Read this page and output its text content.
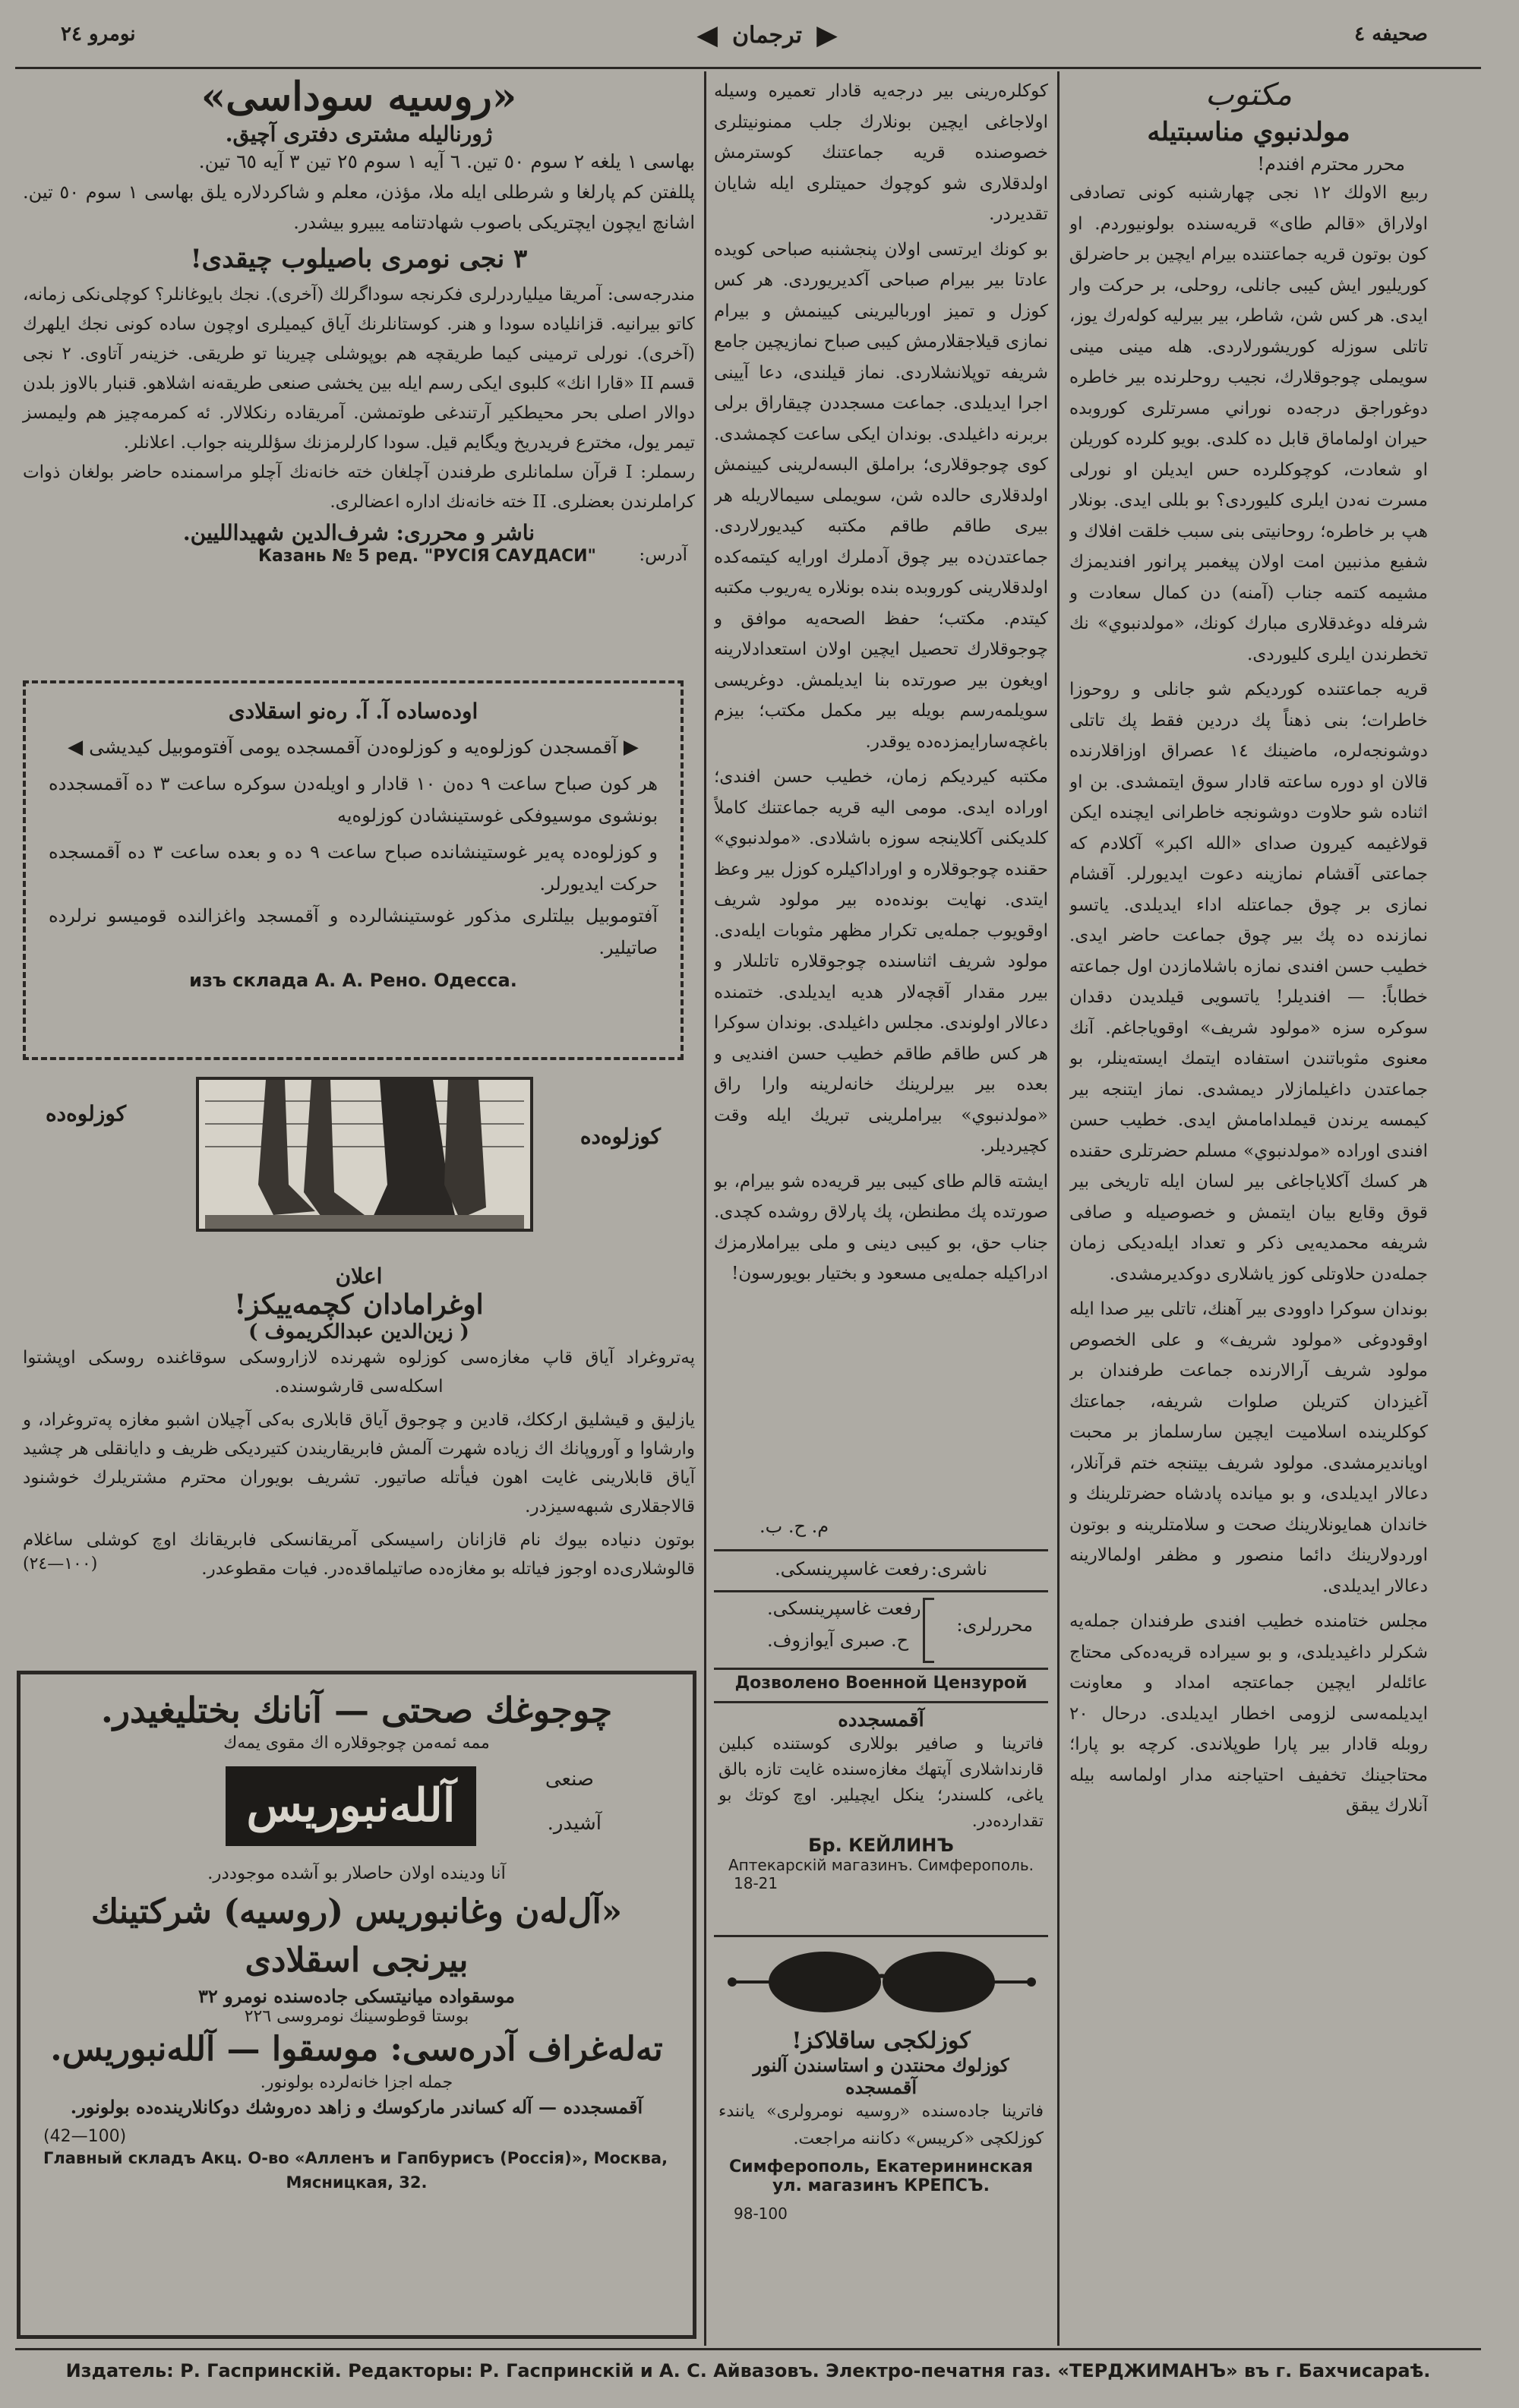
صحيفه ٤
◀ ترجمان ▶
نومرو ٢٤
مكتوب
مولدنبوي مناسبتيله
محرر محترم افندم!

ربيع الاولك ١٢ نجى چهارشنبه كونى تصادفى اولاراق «قالم طاى» قريه‌سنده بولونيوردم. او كون بوتون قريه جماعتنده بيرام ايچين بر حاضرلق كوريليور ايش كيبى جانلى، روحلى، بر حركت وار ايدى. هر كس شن، شاطر، بير بيرليه كوله‌رك يوز، تاتلى سوزله كوريشورلاردى. هله مينى مينى سويملى چوجوقلارك، نجيب روحلرنده بير خاطره دوغوراجق درجه‌ده نوراني مسرتلرى كوروبده حيران اولماماق قابل ده كلدى. بويو كلرده كوريلن او شعادت، كوچوكلرده حس ايديلن او نورلى مسرت نه‌دن ايلرى كليوردى؟ بو بللى ايدى. بونلار هپ بر خاطره؛ روحانيتى بنى سبب خلقت افلاك و شفيع مذنبين امت اولان پيغمبر پرانور افنديمزك مشيمه كتمه جناب (آمنه) دن كمال سعادت و شرفله دوغدقلارى مبارك كونك، «مولدنبوي» نك تخطرندن ايلرى كليوردى.

قريه جماعتنده كورديكم شو جانلى و روحوزا خاطرات؛ بنى ذهناً پك دردين فقط پك تاتلى دوشونجه‌لره، ماضينك ١٤ عصراق اوزاقلارنده قالان او دوره ساعته قادار سوق ايتمشدى. بن او اثناده شو حلاوت دوشونجه خاطرانى ايچنده ايكن قولاغيمه كيرون صداى «الله اكبر» آكلادم كه جماعتى آقشام نمازينه دعوت ايديورلر. آقشام نمازى بر چوق جماعتله اداء ايديلدى. ياتسو نمازنده ده پك بير چوق جماعت حاضر ايدى. خطيب حسن افندى نمازه باشلامازدن اول جماعته خطاباً: — افنديلر! ياتسويى قيلديدن دقدان سوكره سزه «مولود شريف» اوقوياجاغم. آنك معنوى مثوباتندن استفاده ايتمك ايسته‌ينلر، بو جماعتدن داغيلمازلار ديمشدى. نماز ايتنجه بير كيمسه يرندن قيملدامامش ايدى. خطيب حسن افندى اوراده «مولدنبوي» مسلم حضرتلرى حقنده هر كسك آكلاياجاغى بير لسان ايله تاريخى بير قوق وقايع بيان ايتمش و خصوصيله و صافى شريفه محمديه‌يى ذكر و تعداد ايله‌ديكى زمان جمله‌دن حلاوتلى كوز ياشلارى دوكديرمشدى.

بوندان سوكرا داوودى بير آهنك، تاتلى بير صدا ايله اوقودوغى «مولود شريف» و على الخصوص مولود شريف آرالارنده جماعت طرفندان بر آغيزدان كتريلن صلوات شريفه، جماعتك كوكلرينده اسلاميت ايچين سارسلماز بر محبت اويانديرمشدى. مولود شريف بيتنجه ختم قرآنلار، دعالار ايديلدى، و بو ميانده پادشاه حضرتلرينك و خاندان همايونلارينك صحت و سلامتلرينه و بوتون اوردولارينك دائما منصور و مظفر اولمالارينه دعالار ايديلدى.

مجلس ختامنده خطيب افندى طرفندان جمله‌يه شكرلر داغيديلدى، و بو سيراده قريه‌ده‌كى محتاج عائله‌لر ايچين جماعتجه امداد و معاونت ايديلمه‌سى لزومى اخطار ايديلدى. درحال ٢٠ روبله قادار بير پارا طوپلاندى. كرچه بو پارا؛ محتاجينك تخفيف احتياجنه مدار اولماسه بيله آنلارك يبقق

كوكلره‌رينى بير درجه‌يه قادار تعميره وسيله اولاجاغى ايچين بونلارك جلب ممنونيتلرى خصوصنده قريه جماعتنك كوسترمش اولدقلارى شو كوچوك حميتلرى ايله شايان تقديردر.

بو كونك ايرتسى اولان پنجشنبه صباحى كويده عادتا بير بيرام صباحى آكديريوردى. هر كس كوزل و تميز اورباليرينى كيينمش و بيرام نمازى قيلاجقلارمش كيبى صباح نمازيچين جامع شريفه توپلانشلاردى. نماز قيلندى، دعا آيينى اجرا ايديلدى. جماعت مسجددن چيقاراق برلى بربرنه داغيلدى. بوندان ايكى ساعت كچمشدى. كوى چوجوقلارى؛ براملق البسه‌لرينى كيينمش اولدقلارى حالده شن، سويملى سيمالاريله هر بيرى طاقم طاقم مكتبه كيديورلاردى. جماعتدن‌ده بير چوق آدملرك اورايه كيتمه‌كده اولدقلارينى كوروبده بنده بونلاره يه‌ريوب مكتبه كيتدم. مكتب؛ حفظ الصحه‌يه موافق و چوجوقلارك تحصيل ايچين اولان استعدادلارينه اويغون بير صورتده بنا ايديلمش. دوغريسى سويلمه‌رسم بويله بير مكمل مكتب؛ بيزم باغچه‌سارايمزده‌ده يوقدر.

مكتبه كيرديكم زمان، خطيب حسن افندى؛ اوراده ايدى. مومى اليه قريه جماعتنك كاملاً كلديكنى آكلاينجه سوزه باشلادى. «مولدنبوي» حقنده چوجوقلاره و اوراداكيلره كوزل بير وعظ ايتدى. نهايت بونده‌ده بير مولود شريف اوقويوب جمله‌يى تكرار مظهر مثوبات ايله‌دى. مولود شريف اثناسنده چوجوقلاره تاتلىلار و بيرر مقدار آقچه‌لار هديه ايديلدى. ختمنده دعالار اولوندى. مجلس داغيلدى. بوندان سوكرا هر كس طاقم طاقم خطيب حسن افنديى و بعده بير بيرلرينك خانه‌لرينه وارا راق «مولدنبوي» بيراملرينى تبريك ايله وقت كچيرديلر.

ايشته قالم طاى كيبى بير قريه‌ده شو بيرام، بو صورتده پك مطنطن، پك پارلاق روشده كچدى. جناب حق، بو كيبى دينى و ملى بيراملارمزك ادراكيله جمله‌يى مسعود و بختيار بويورسون!

م. ح. ب.
ناشرى:
رفعت غاسپرينسكى.
محررلرى:
رفعت غاسپرينسكى.
ح. صبرى آيوازوف.
Дозволено Военной Цензурой
آقمسجدده
فاترينا و صافير بوللارى كوستنده كبلين قارنداشلارى آپتهك مغازه‌سنده غايت تازه بالق ياغى، كلسندر؛ ينكل ايچيلير. اوچ كوتك بو تقدارده‌در.
Бр. КЕЙЛИНЪ
Аптекарскій магазинъ. Симферополь.
18-21
كوزلكجى ساقلاكز!
كوزلوك محنتدن و استاسندن آلنور
آقمسجده
فاترينا جاده‌سنده «روسيه نومرولرى» يانندء كوزلكچى «كريبس» دكاننه مراجعت.
Симферополь, Екатерининская ул. магазинъ КРЕПСЪ.
98-100
«روسيه سوداسى»
ژورناليله مشترى دفترى آچيق.
بهاسى ١ يلغه ٢ سوم ٥٠ تين. ٦ آيه ١ سوم ٢٥ تين ٣ آيه ٦٥ تين.
پللفتن كم پارلغا و شرطلى ايله ملا، مؤذن، معلم و شاكردلاره يلق بهاسى ١ سوم ٥٠ تين. اشانچ ايچون ايچتريكى باصوب شهادتنامه يبيرو بيشدر.
٣ نجى نومرى باصيلوب چيقدى!
مندرجه‌سى: آمريقا ميلياردرلرى فكرنجه سوداگرلك (آخرى). نجك بايوغانلر؟ كوچلى‌نكى زمانه، كاتو بيرانيه. قزانلياده سودا و هنر. كوستانلرنك آياق كيميلرى اوچون ساده كونى نجك ايلهرك (آخرى). نورلى ترمينى كيما طريقچه هم بوپوشلى چيرينا تو طريقى. خزينه‌ر آتاوى. ٢ نجى قسم II «قارا انك» كلبوى ايكى رسم ايله بين يخشى صنعى طريقه‌نه اشلاهو. قنبار بالاوز بلدن دوالار اصلى بحر محيطكير آرتندغى طوتمشن. آمريقاده رنكلالار. ئه كمرمه‌چيز هم وليمسز تيمر يول، مخترع فريدريخ ويگايم قيل. سودا كارلرمزنك سؤللرينه جواب. اعلانلر.
رسملر: I قرآن سلمانلرى طرفندن آچلغان خته خانه‌نك آچلو مراسمنده حاضر بولغان ذوات كراملرندن بعضلرى. II خته خانه‌نك اداره اعضالرى.
ناشر و محررى: شرف‌الدين شهيدالليين.
آدرس:
Казань № 5 ред. "РУСІЯ САУДАСИ"
اوده‌ساده آ. آ. رەنو اسقلادى
▶ آقمسجدن كوزلوه‌يه و كوزلوه‌دن آقمسجده يومى آفتوموبيل كيديشى ◀
هر كون صباح ساعت ٩ دەن ١٠ قادار و اويله‌دن سوكره ساعت ٣ ده آقمسجدده بونشوى موسيوفكى غوستينشادن كوزلوه‌يه
و كوزلوه‌ده پەير غوستينشانده صباح ساعت ٩ ده و بعده ساعت ٣ ده آقمسجده حركت ايديورلر.
آفتوموبيل بيلتلرى مذكور غوستينشالرده و آقمسجد واغزالنده قوميسو نرلرده صاتيلير.
изъ склада А. А. Рено. Одесса.
كوزلوه‌ده
كوزلوه‌ده
اعلان
اوغرامادان كچمه‌ييكز!
( زين‌الدين عبدالكريموف )
پەتروغراد آياق قاپ مغازه‌سى كوزلوه شهرنده لازاروسكى سوقاغنده روسكى اوپشتوا اسكله‌سى قارشوسنده.
يازليق و قيشليق ارككك، قادين و چوجوق آياق قابلارى بەكى آچيلان اشبو مغازه پەتروغراد، و وارشاوا و آوروپانك اك زياده شهرت آلمش فابريقاريندن كتيرديكى ظريف و دايانقلى هر چشيد آياق قابلارينى غايت اهون فيأتله صاتيور. تشريف بويوران محترم مشتريلرك خوشنود قالاجقلارى شبهه‌سيزدر.
بوتون دنياده بيوك نام قازانان راسيسكى آمريقانسكى فابريقانك اوچ كوشلى ساغلام قالوشلارى‌ده اوجوز فياتله بو مغازه‌ده صاتيلماقده‌در. فيات مقطوعدر.
(١٠٠—٢٤)
چوجوغك صحتى — آنانك بختليغيدر.
ممه ئمه‌من چوجوقلاره اك مقوى يمه‌ك
صنعى
آللەنبوريس	آشيدر.
آنا ودينده اولان حاصلار بو آشده موجوددر.
«آل‌لەن وغانبوريس (روسيه) شركتينك بيرنجى اسقلادى
موسقواده ميانيتسكى جاده‌سنده نومرو ٣٢
بوستا قوطوسينك نومروسى ٢٢٦
تەلەغراف آدره‌سى: موسقوا — آللەنبوريس.
جمله اجزا خانه‌لرده بولونور.
آقمسجدده — آله كساندر ماركوسك و زاهد دەروشك دوكانلارينده‌ده بولونور.
(42—100)
Главный складъ Акц. О-во «Алленъ и Гапбурисъ (Россія)», Москва,
Мясницкая, 32.
Издатель: Р. Гаспринскій. Редакторы: Р. Гаспринскій и А. С. Айвазовъ. Электро-печатня газ. «ТЕРДЖИМАНЪ» въ г. Бахчисараѣ.
